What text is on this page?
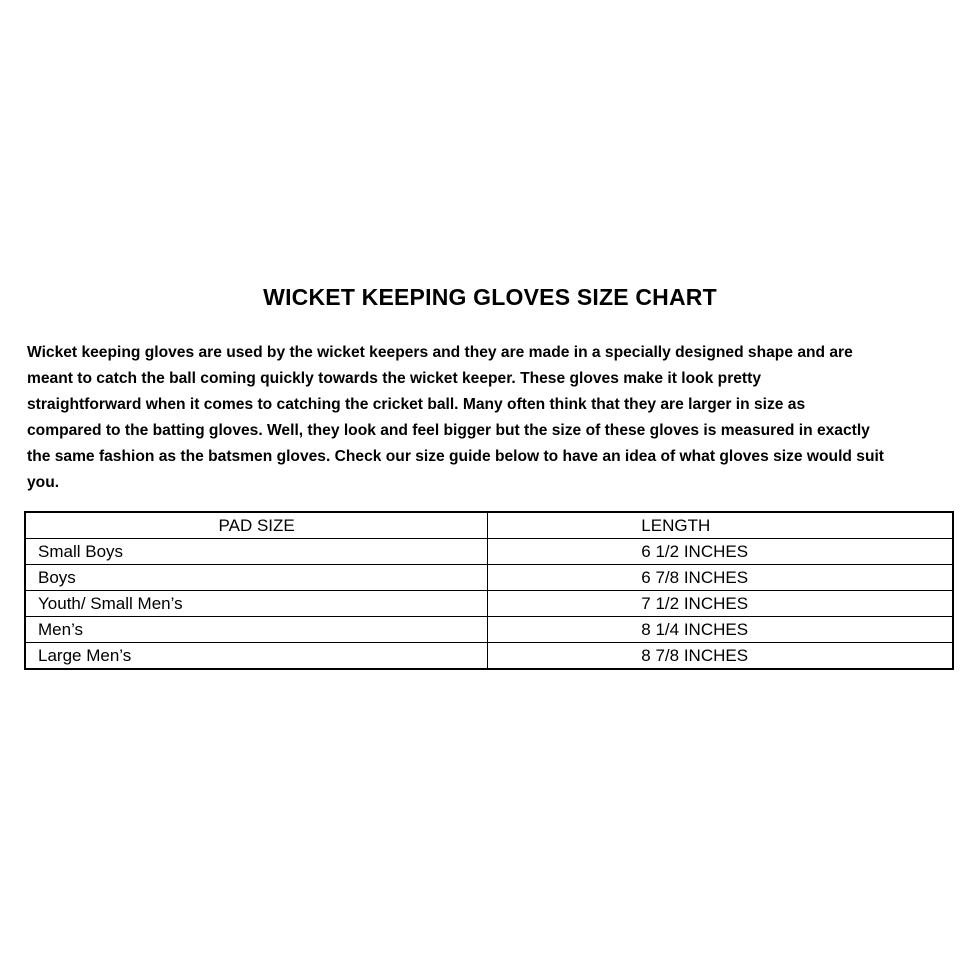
WICKET KEEPING GLOVES SIZE CHART

Wicket keeping gloves are used by the wicket keepers and they are made in a specially designed shape and are
meant to catch the ball coming quickly towards the wicket keeper. These gloves make it look pretty
straightforward when it comes to catching the cricket ball. Many often think that they are larger in size as
compared to the batting gloves. Well, they look and feel bigger but the size of these gloves is measured in exactly
the same fashion as the batsmen gloves. Check our size guide below to have an idea of what gloves size would suit
you.

PAD SIZE	LENGTH
Small Boys	6 1/2 INCHES
Boys	6 7/8 INCHES
Youth/ Small Men’s	7 1/2 INCHES
Men’s	8 1/4 INCHES
Large Men’s	8 7/8 INCHES
